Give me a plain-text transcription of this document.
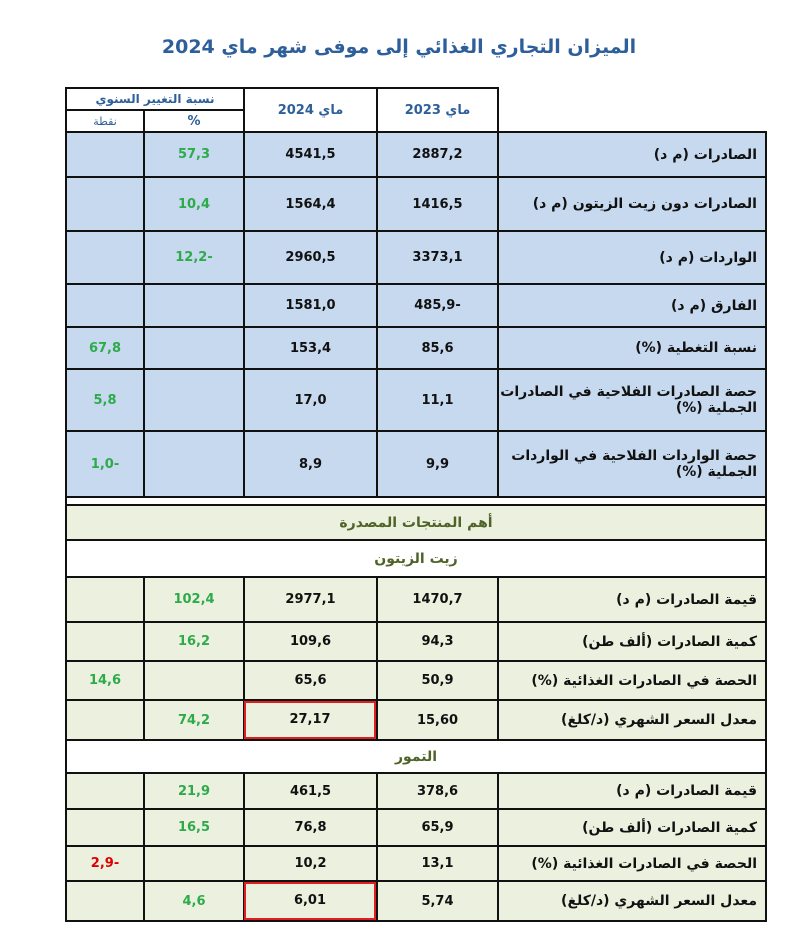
الميزان التجاري الغذائي إلى موفى شهر ماي 2024
	ماي 2023	ماي 2024	نسبة التغيير السنوي	
			%	نقطة
الصادرات (م د)	2887,2	4541,5	57,3	
الصادرات دون زيت الزيتون (م د)	1416,5	1564,4	10,4	
الواردات (م د)	3373,1	2960,5	-12,2	
الفارق (م د)	-485,9	1581,0		
نسبة التغطية (%)	85,6	153,4		67,8
حصة الصادرات الفلاحية في الصادرات الجملية (%)	11,1	17,0		5,8
حصة الواردات الفلاحية في الواردات الجملية (%)	9,9	8,9		-1,0

أهم المنتجات المصدرة				
زيت الزيتون				
قيمة الصادرات (م د)	1470,7	2977,1	102,4	
كمية الصادرات (ألف طن)	94,3	109,6	16,2	
الحصة في الصادرات الغذائية (%)	50,9	65,6		14,6
معدل السعر الشهري (د/كلغ)	15,60	27,17	74,2	
التمور				
قيمة الصادرات (م د)	378,6	461,5	21,9	
كمية الصادرات (ألف طن)	65,9	76,8	16,5	
الحصة في الصادرات الغذائية (%)	13,1	10,2		-2,9
معدل السعر الشهري (د/كلغ)	5,74	6,01	4,6	
